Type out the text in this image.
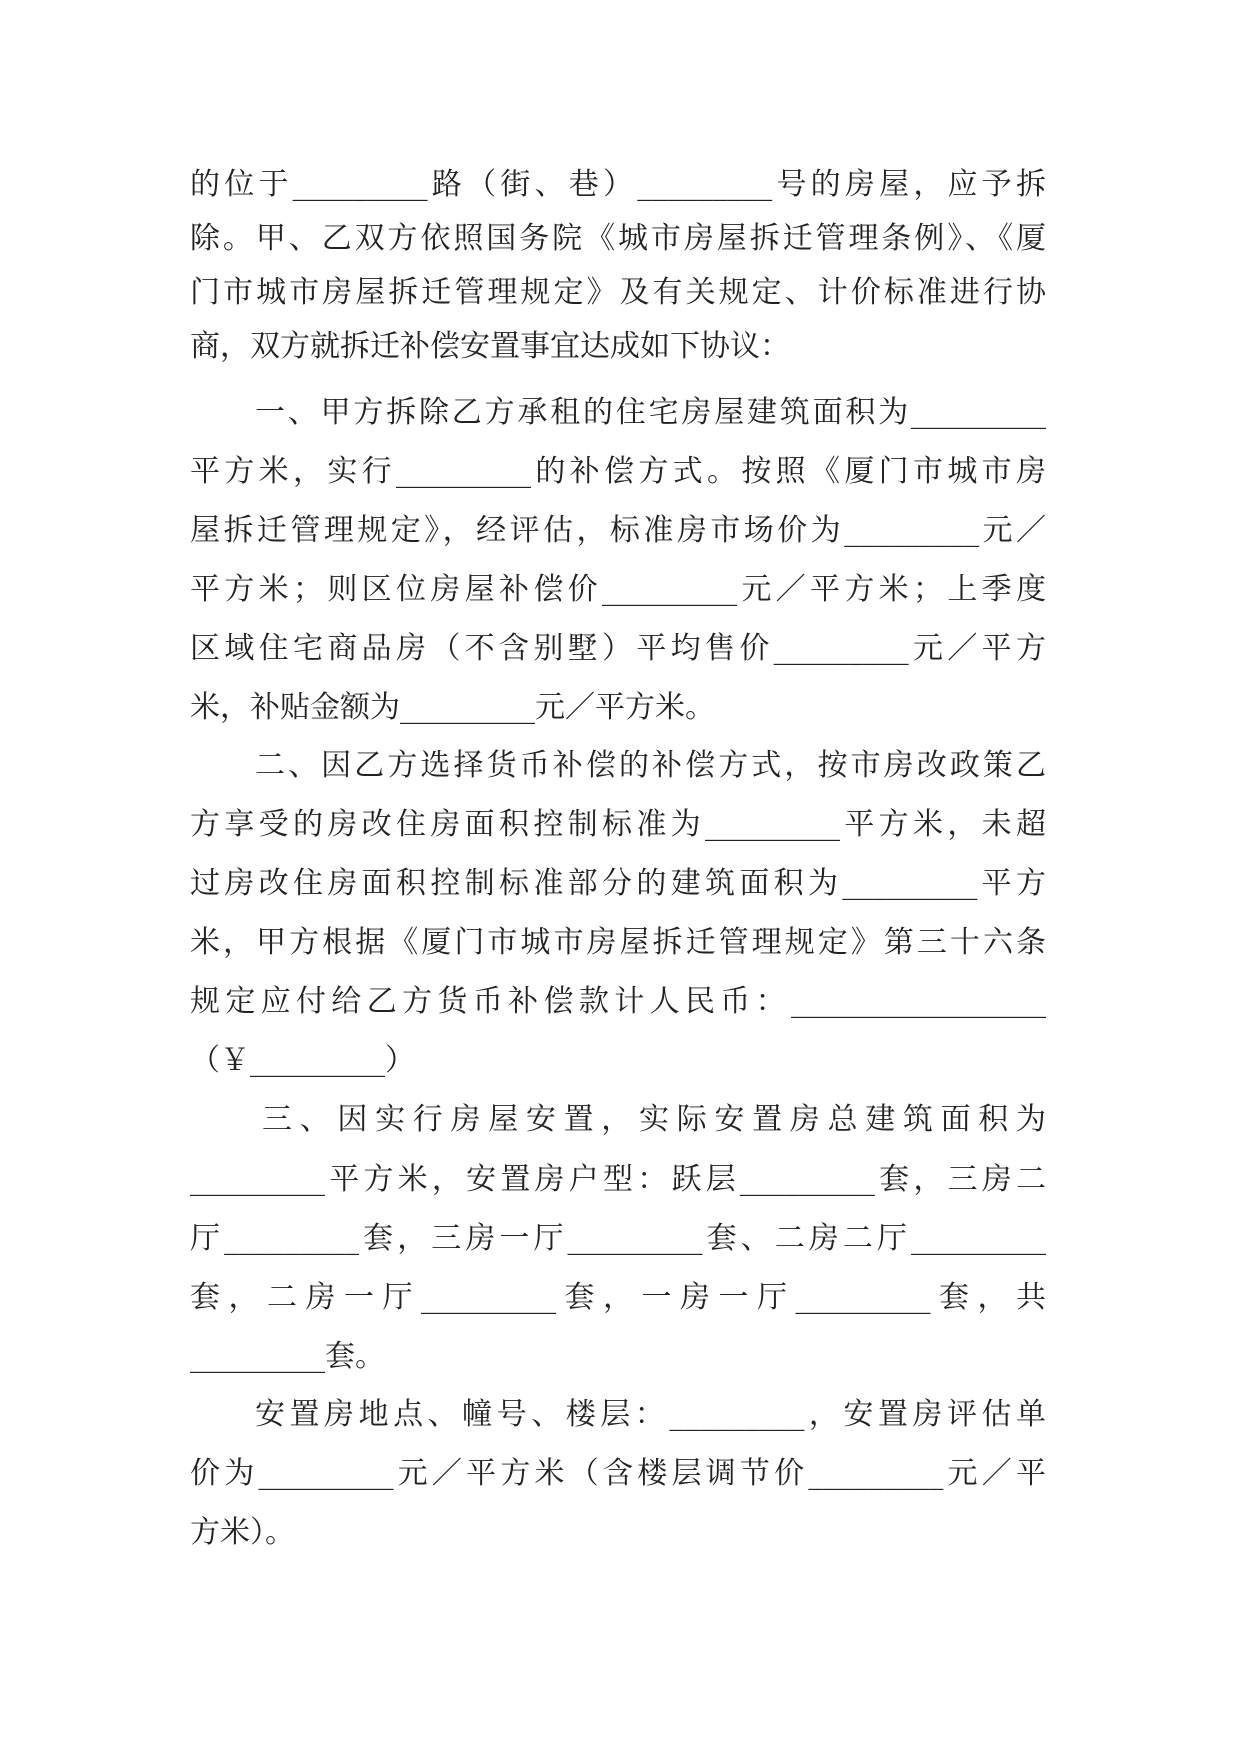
的位于_________路（街、巷）_________号的房屋，应予拆
除。甲、乙双方依照国务院《城市房屋拆迁管理条例》、《厦
门市城市房屋拆迁管理规定》及有关规定、计价标准进行协
商，双方就拆迁补偿安置事宜达成如下协议：
一、甲方拆除乙方承租的住宅房屋建筑面积为_________
平方米，实行_________的补偿方式。按照《厦门市城市房
屋拆迁管理规定》，经评估，标准房市场价为_________元／
平方米；则区位房屋补偿价_________元／平方米；上季度
区域住宅商品房（不含别墅）平均售价_________元／平方
米，补贴金额为_________元／平方米。
二、因乙方选择货币补偿的补偿方式，按市房改政策乙
方享受的房改住房面积控制标准为_________平方米，未超
过房改住房面积控制标准部分的建筑面积为_________平方
米，甲方根据《厦门市城市房屋拆迁管理规定》第三十六条
规定应付给乙方货币补偿款计人民币：_________________
（￥_________）
三、因实行房屋安置，实际安置房总建筑面积为
_________平方米，安置房户型：跃层_________套，三房二
厅_________套，三房一厅_________套、二房二厅_________
套，二房一厅_________套，一房一厅_________套，共
_________套。
安置房地点、幢号、楼层：_________，安置房评估单
价为_________元／平方米（含楼层调节价_________元／平
方米）。
